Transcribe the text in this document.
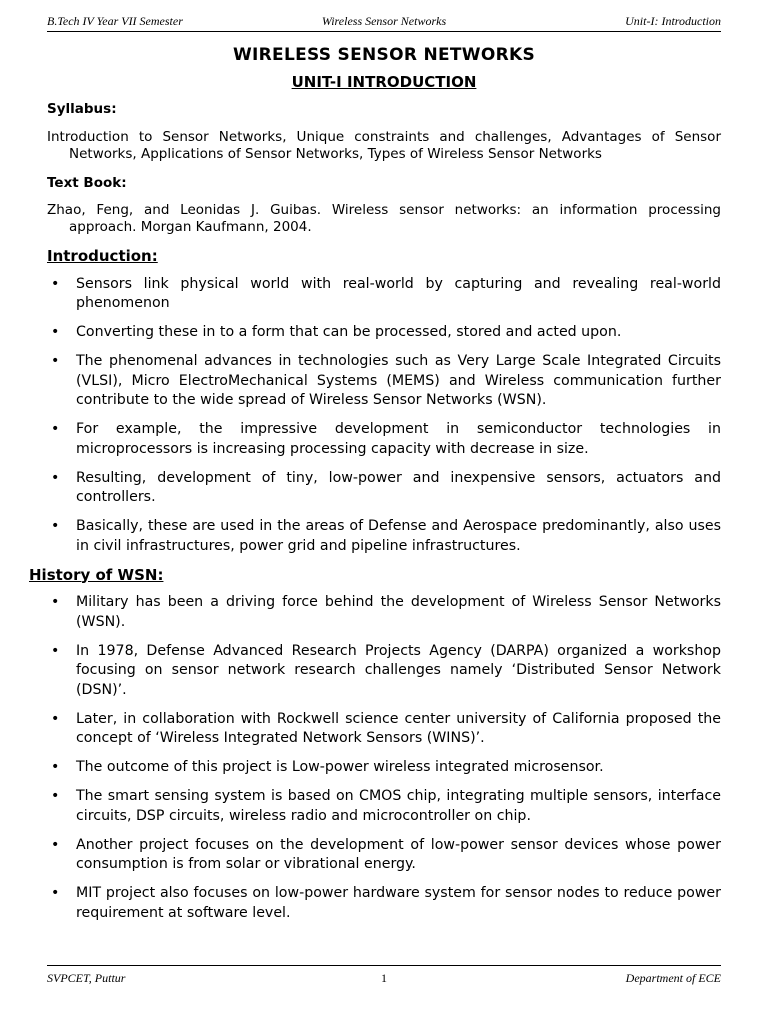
B.Tech IV Year VII Semester	Wireless Sensor Networks	Unit-I: Introduction
WIRELESS SENSOR NETWORKS
UNIT-I INTRODUCTION
Syllabus:
Introduction to Sensor Networks, Unique constraints and challenges, Advantages of Sensor Networks, Applications of Sensor Networks, Types of Wireless Sensor Networks
Text Book:
Zhao, Feng, and Leonidas J. Guibas. Wireless sensor networks: an information processing approach. Morgan Kaufmann, 2004.
Introduction:
• Sensors link physical world with real-world by capturing and revealing real-world phenomenon
• Converting these in to a form that can be processed, stored and acted upon.
• The phenomenal advances in technologies such as Very Large Scale Integrated Circuits (VLSI), Micro ElectroMechanical Systems (MEMS) and Wireless communication further contribute to the wide spread of Wireless Sensor Networks (WSN).
• For example, the impressive development in semiconductor technologies in microprocessors is increasing processing capacity with decrease in size.
• Resulting, development of tiny, low-power and inexpensive sensors, actuators and controllers.
• Basically, these are used in the areas of Defense and Aerospace predominantly, also uses in civil infrastructures, power grid and pipeline infrastructures.
History of WSN:
• Military has been a driving force behind the development of Wireless Sensor Networks (WSN).
• In 1978, Defense Advanced Research Projects Agency (DARPA) organized a workshop focusing on sensor network research challenges namely ‘Distributed Sensor Network (DSN)’.
• Later, in collaboration with Rockwell science center university of California proposed the concept of ‘Wireless Integrated Network Sensors (WINS)’.
• The outcome of this project is Low-power wireless integrated microsensor.
• The smart sensing system is based on CMOS chip, integrating multiple sensors, interface circuits, DSP circuits, wireless radio and microcontroller on chip.
• Another project focuses on the development of low-power sensor devices whose power consumption is from solar or vibrational energy.
• MIT project also focuses on low-power hardware system for sensor nodes to reduce power requirement at software level.
SVPCET, Puttur	1	Department of ECE
